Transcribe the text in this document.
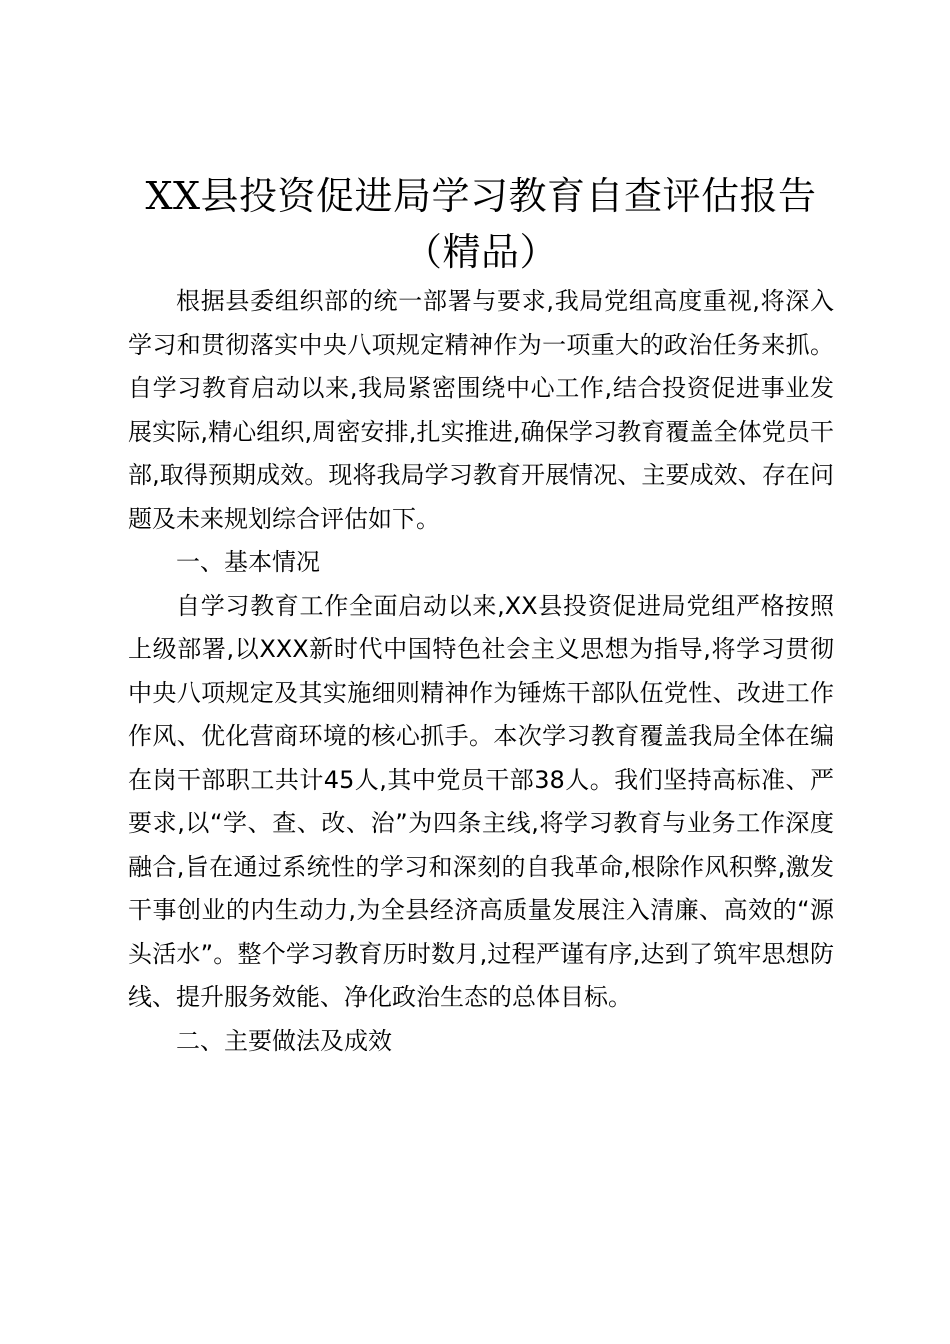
XX县投资促进局学习教育自查评估报告（精品）

根据县委组织部的统一部署与要求,我局党组高度重视,将深入学习和贯彻落实中央八项规定精神作为一项重大的政治任务来抓。自学习教育启动以来,我局紧密围绕中心工作,结合投资促进事业发展实际,精心组织,周密安排,扎实推进,确保学习教育覆盖全体党员干部,取得预期成效。现将我局学习教育开展情况、主要成效、存在问题及未来规划综合评估如下。

一、基本情况

自学习教育工作全面启动以来,XX县投资促进局党组严格按照上级部署,以XXX新时代中国特色社会主义思想为指导,将学习贯彻中央八项规定及其实施细则精神作为锤炼干部队伍党性、改进工作作风、优化营商环境的核心抓手。本次学习教育覆盖我局全体在编在岗干部职工共计45人,其中党员干部38人。我们坚持高标准、严要求,以“学、查、改、治”为四条主线,将学习教育与业务工作深度融合,旨在通过系统性的学习和深刻的自我革命,根除作风积弊,激发干事创业的内生动力,为全县经济高质量发展注入清廉、高效的“源头活水”。整个学习教育历时数月,过程严谨有序,达到了筑牢思想防线、提升服务效能、净化政治生态的总体目标。

二、主要做法及成效
